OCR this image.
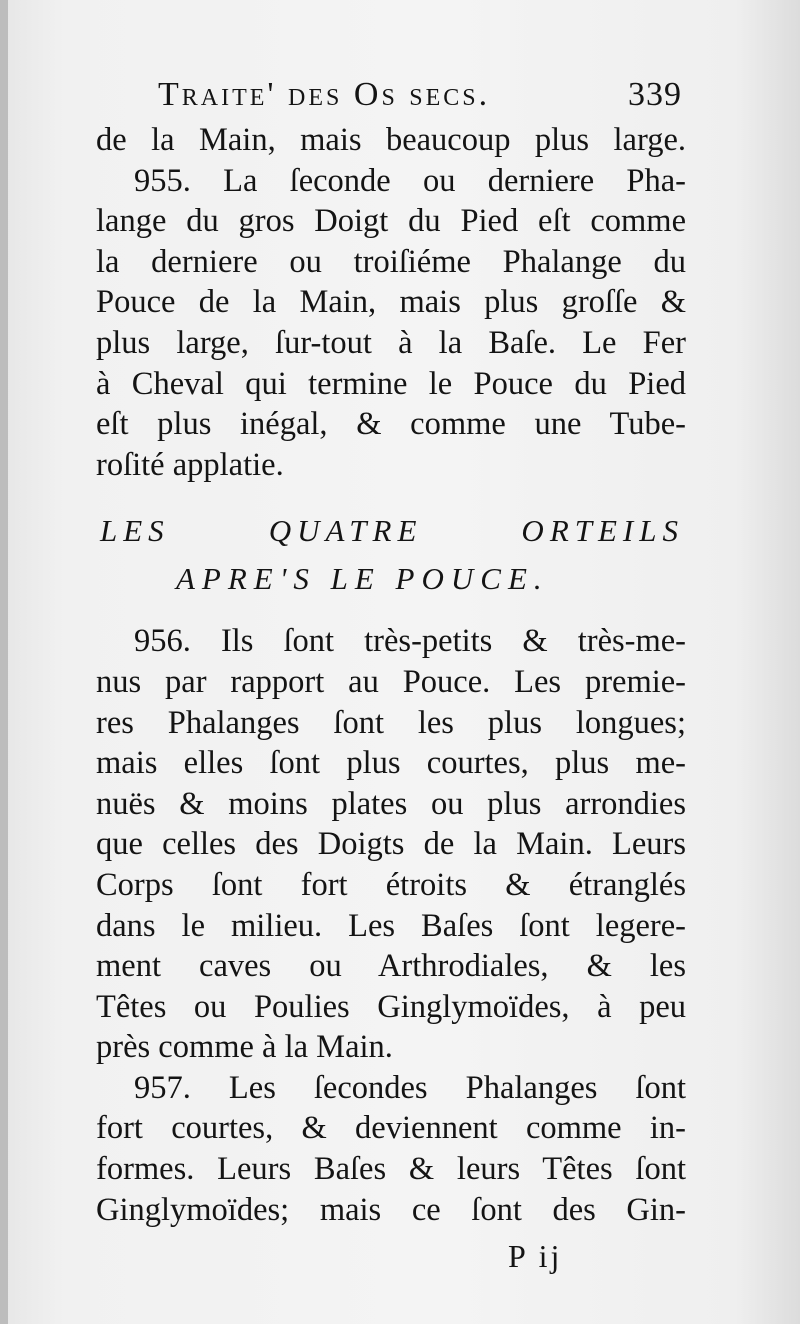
Traite' des Os secs.	339
de la Main, mais beaucoup plus large.
955. La ſeconde ou derniere Pha-
lange du gros Doigt du Pied eſt comme
la derniere ou troiſiéme Phalange du
Pouce de la Main, mais plus groſſe &
plus large, ſur-tout à la Baſe. Le Fer
à Cheval qui termine le Pouce du Pied
eſt plus inégal, & comme une Tube-
roſité applatie.
LES QUATRE ORTEILS
APRE'S LE POUCE.
956. Ils ſont très-petits & très-me-
nus par rapport au Pouce. Les premie-
res Phalanges ſont les plus longues;
mais elles ſont plus courtes, plus me-
nuës & moins plates ou plus arrondies
que celles des Doigts de la Main. Leurs
Corps ſont fort étroits & étranglés
dans le milieu. Les Baſes ſont legere-
ment caves ou Arthrodiales, & les
Têtes ou Poulies Ginglymoïdes, à peu
près comme à la Main.
957. Les ſecondes Phalanges ſont
fort courtes, & deviennent comme in-
formes. Leurs Baſes & leurs Têtes ſont
Ginglymoïdes; mais ce ſont des Gin-
P ij
